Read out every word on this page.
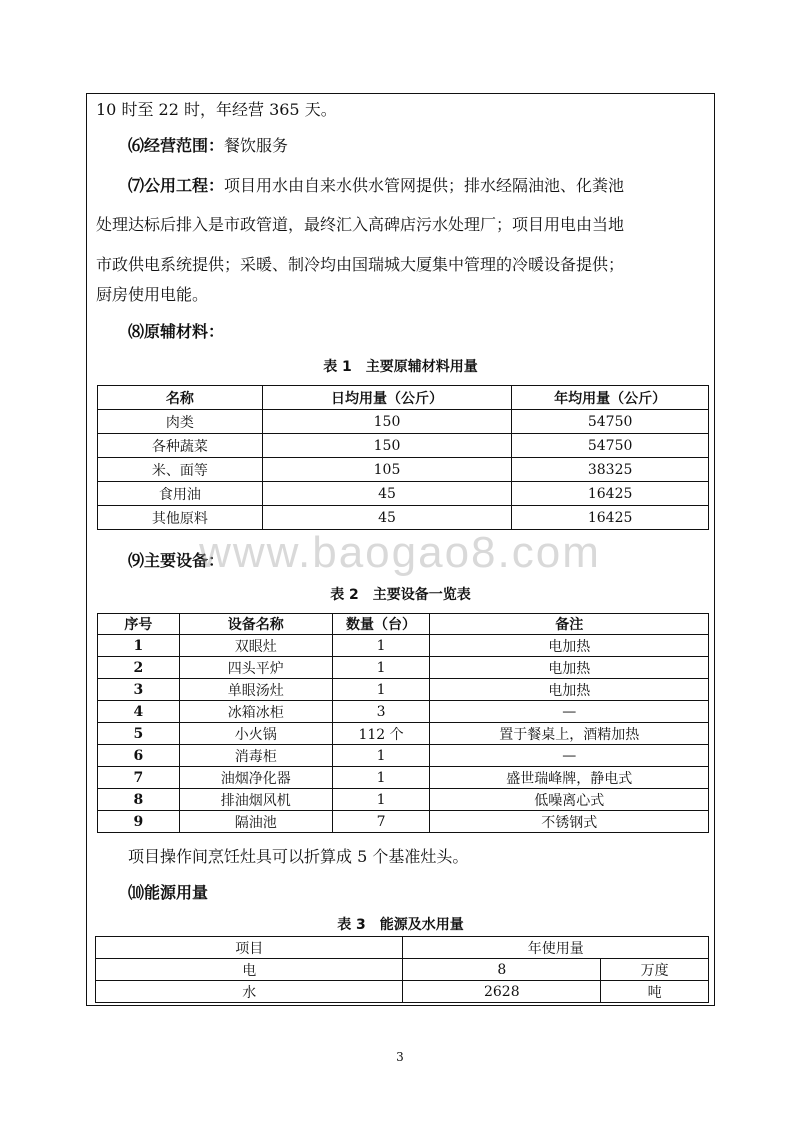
10 时至 22 时，年经营 365 天。

⑹经营范围：餐饮服务

⑺公用工程：项目用水由自来水供水管网提供；排水经隔油池、化粪池

处理达标后排入是市政管道，最终汇入高碑店污水处理厂；项目用电由当地

市政供电系统提供；采暖、制冷均由国瑞城大厦集中管理的冷暖设备提供；

厨房使用电能。

⑻原辅材料：

表 1　主要原辅材料用量
名称	日均用量（公斤）	年均用量（公斤）
肉类	150	54750
各种蔬菜	150	54750
米、面等	105	38325
食用油	45	16425
其他原料	45	16425

⑼主要设备：

表 2　主要设备一览表
序号	设备名称	数量（台）	备注
1	双眼灶	1	电加热
2	四头平炉	1	电加热
3	单眼汤灶	1	电加热
4	冰箱冰柜	3	—
5	小火锅	112 个	置于餐桌上，酒精加热
6	消毒柜	1	—
7	油烟净化器	1	盛世瑞峰牌，静电式
8	排油烟风机	1	低噪离心式
9	隔油池	7	不锈钢式

项目操作间烹饪灶具可以折算成 5 个基准灶头。

⑽能源用量

表 3　能源及水用量
项目	年使用量	
电	8	万度
水	2628	吨
www.baogao8.com
3
